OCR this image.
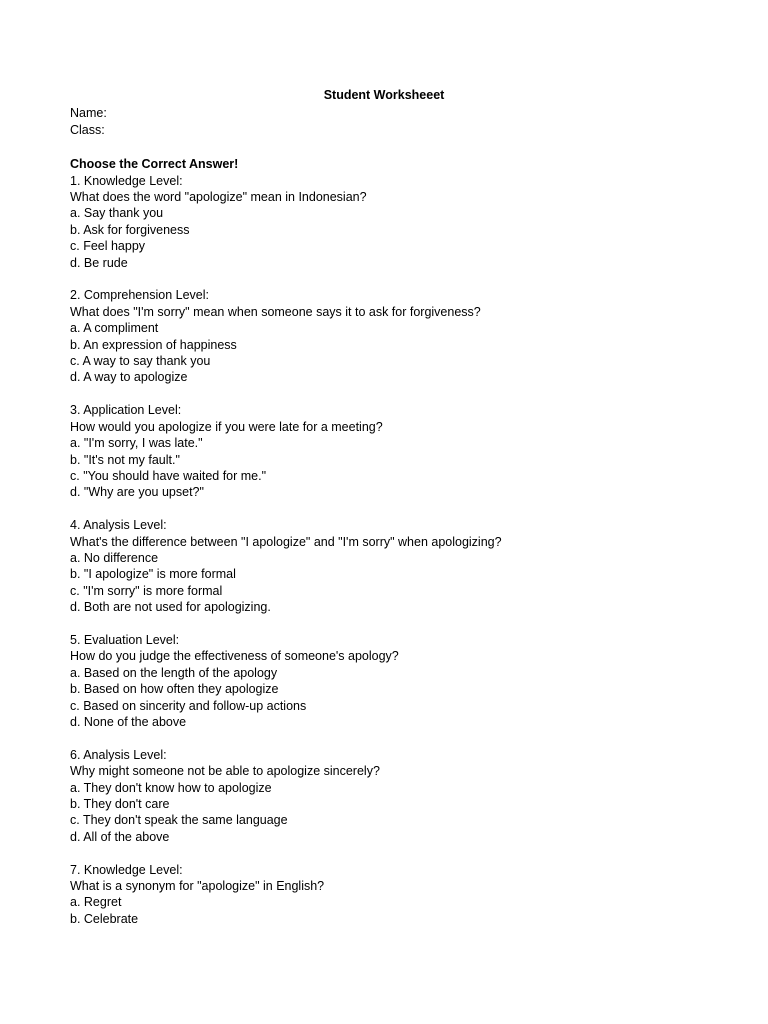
Student Worksheeet
Name:
Class:
Choose the Correct Answer!
1. Knowledge Level:
What does the word "apologize" mean in Indonesian?
a. Say thank you
b. Ask for forgiveness
c. Feel happy
d. Be rude
2. Comprehension Level:
What does "I'm sorry" mean when someone says it to ask for forgiveness?
a. A compliment
b. An expression of happiness
c. A way to say thank you
d. A way to apologize
3. Application Level:
How would you apologize if you were late for a meeting?
a. "I'm sorry, I was late."
b. "It's not my fault."
c. "You should have waited for me."
d. "Why are you upset?"
4. Analysis Level:
What's the difference between "I apologize" and "I'm sorry" when apologizing?
a. No difference
b. "I apologize" is more formal
c. "I'm sorry" is more formal
d. Both are not used for apologizing.
5. Evaluation Level:
How do you judge the effectiveness of someone's apology?
a. Based on the length of the apology
b. Based on how often they apologize
c. Based on sincerity and follow-up actions
d. None of the above
6. Analysis Level:
Why might someone not be able to apologize sincerely?
a. They don't know how to apologize
b. They don't care
c. They don't speak the same language
d. All of the above
7. Knowledge Level:
What is a synonym for "apologize" in English?
a. Regret
b. Celebrate
